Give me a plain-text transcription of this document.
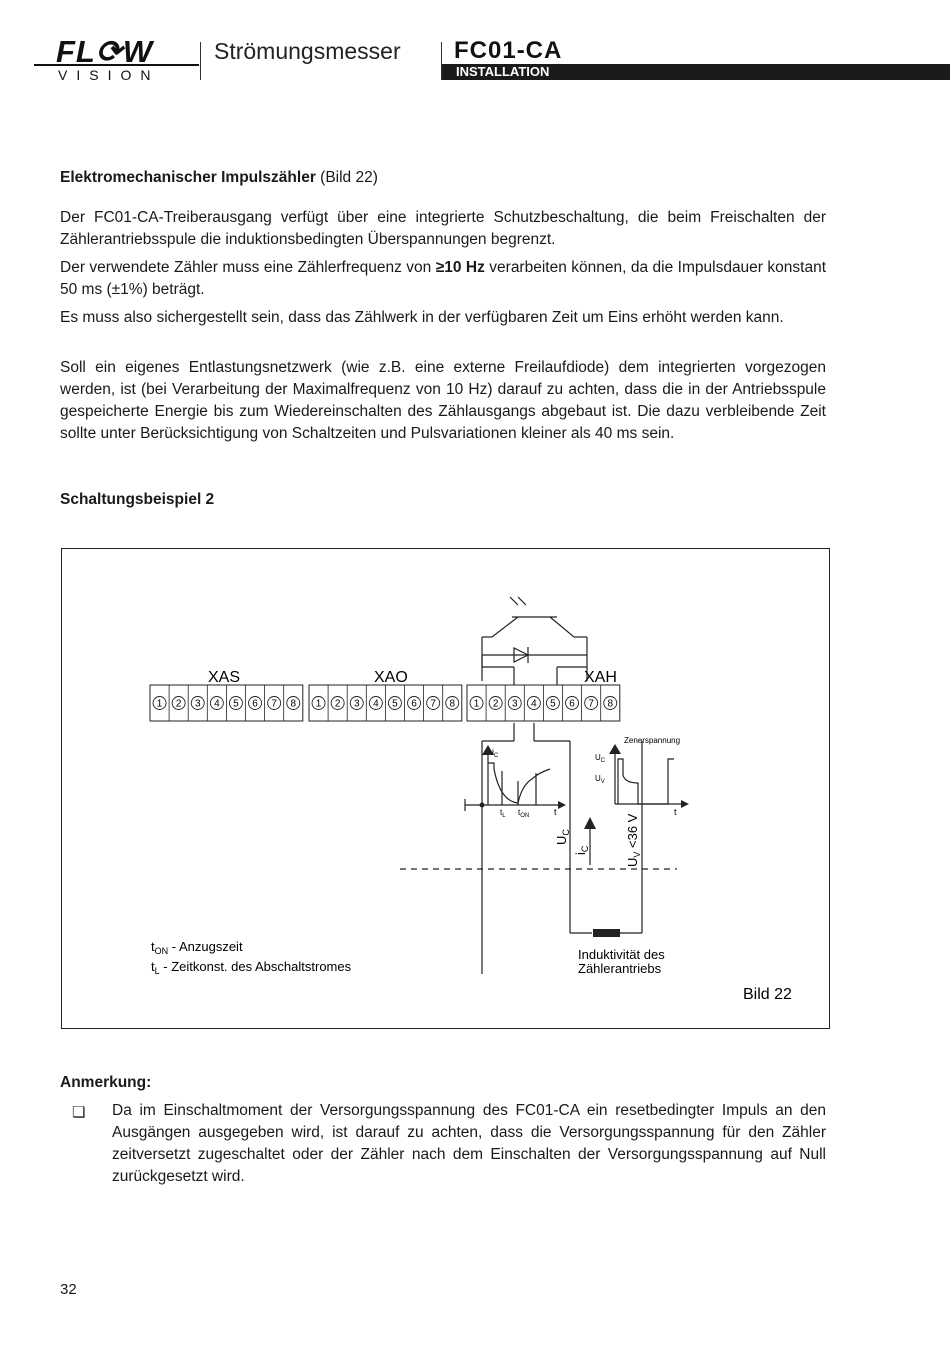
FL⟳W
VISION
Strömungsmesser FC01-CA
INSTALLATION

Elektromechanischer Impulszähler (Bild 22)

Der FC01-CA-Treiberausgang verfügt über eine integrierte Schutzbeschaltung, die beim Freischalten der Zählerantriebsspule die induktionsbedingten Überspannungen begrenzt.

Der verwendete Zähler muss eine Zählerfrequenz von ≥10 Hz verarbeiten können, da die Impulsdauer konstant 50 ms (±1%) beträgt.

Es muss also sichergestellt sein, dass das Zählwerk in der verfügbaren Zeit um Eins erhöht werden kann.

Soll ein eigenes Entlastungsnetzwerk (wie z.B. eine externe Freilaufdiode) dem integrierten vorgezogen werden, ist (bei Verarbeitung der Maximalfrequenz von 10 Hz) darauf zu achten, dass die in der Antriebsspule gespeicherte Energie bis zum Wiedereinschalten des Zählausgangs abgebaut ist. Die dazu verbleibende Zeit sollte unter Berücksichtigung von Schaltzeiten und Pulsvariationen kleiner als 40 ms sein.

Schaltungsbeispiel 2

1 2 3 4 5 6 7 8 1 2 3 4 5 6 7 8 1 2 3 4 5 6 7 8
XAS	XAO	XAH
$i_C$
$t_L$ $t_{ON}$	t
Zenerspannung
$U_C$
$U_V$
t
$U_C$
$i_C$
$U_V <36$ V
$t_{ON}$ - Anzugszeit
$t_L$ - Zeitkonst. des Abschaltstromes
Induktivität des
Zählerantriebs
Bild 22
Anmerkung:
❏ Da im Einschaltmoment der Versorgungsspannung des FC01-CA ein resetbedingter Impuls an den Ausgängen ausgegeben wird, ist darauf zu achten, dass die Versorgungsspannung für den Zähler zeitversetzt zugeschaltet oder der Zähler nach dem Einschalten der Versorgungsspannung auf Null zurückgesetzt wird.

32
